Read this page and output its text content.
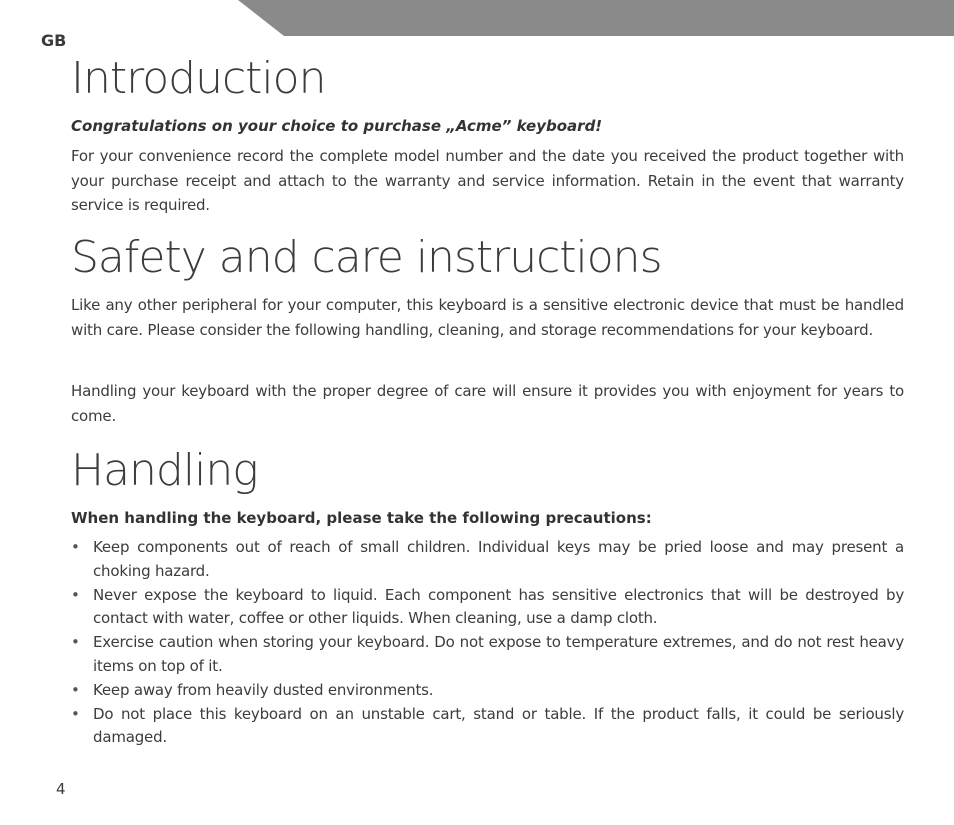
GB
Introduction

Congratulations on your choice to purchase „Acme” keyboard!

For your convenience record the complete model number and the date you received the product together with your purchase receipt and attach to the warranty and service information. Retain in the event that warranty service is required.

Safety and care instructions

Like any other peripheral for your computer, this keyboard is a sensitive electronic device that must be handled with care. Please consider the following handling, cleaning, and storage recommendations for your keyboard.

Handling your keyboard with the proper degree of care will ensure it provides you with enjoyment for years to come.

Handling

When handling the keyboard, please take the following precautions:

• Keep components out of reach of small children. Individual keys may be pried loose and may present a choking hazard.
• Never expose the keyboard to liquid. Each component has sensitive electronics that will be destroyed by contact with water, coffee or other liquids. When cleaning, use a damp cloth.
• Exercise caution when storing your keyboard. Do not expose to temperature extremes, and do not rest heavy items on top of it.
• Keep away from heavily dusted environments.
• Do not place this keyboard on an unstable cart, stand or table. If the product falls, it could be seriously damaged.
4
